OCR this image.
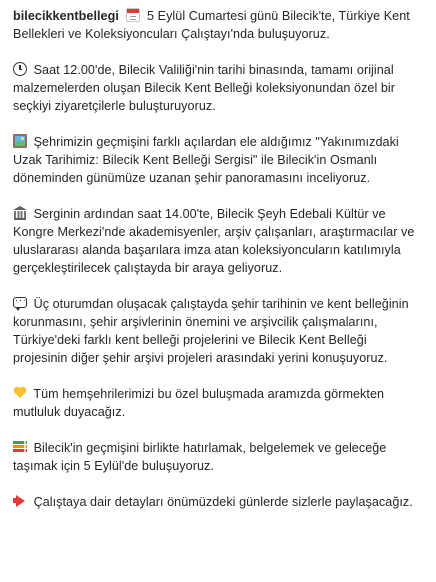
bilecikkentbellegi 5 Eylül Cumartesi günü Bilecik'te, Türkiye Kent Bellekleri ve Koleksiyoncuları Çalıştayı'nda buluşuyoruz.

Saat 12.00'de, Bilecik Valiliği'nin tarihi binasında, tamamı orijinal malzemelerden oluşan Bilecik Kent Belleği koleksiyonundan özel bir seçkiyi ziyaretçilerle buluşturuyoruz.

Şehrimizin geçmişini farklı açılardan ele aldığımız "Yakınımızdaki Uzak Tarihimiz: Bilecik Kent Belleği Sergisi" ile Bilecik'in Osmanlı döneminden günümüze uzanan şehir panoramasını inceliyoruz.

Serginin ardından saat 14.00'te, Bilecik Şeyh Edebali Kültür ve Kongre Merkezi'nde akademisyenler, arşiv çalışanları, araştırmacılar ve uluslararası alanda başarılara imza atan koleksiyoncuların katılımıyla gerçekleştirilecek çalıştayda bir araya geliyoruz.

··· Üç oturumdan oluşacak çalıştayda şehir tarihinin ve kent belleğinin korunmasını, şehir arşivlerinin önemini ve arşivcilik çalışmalarını, Türkiye'deki farklı kent belleği projelerini ve Bilecik Kent Belleği projesinin diğer şehir arşivi projeleri arasındaki yerini konuşuyoruz.

Tüm hemşehrilerimizi bu özel buluşmada aramızda görmekten mutluluk duyacağız.

Bilecik'in geçmişini birlikte hatırlamak, belgelemek ve geleceğe taşımak için 5 Eylül'de buluşuyoruz.

Çalıştaya dair detayları önümüzdeki günlerde sizlerle paylaşacağız.
